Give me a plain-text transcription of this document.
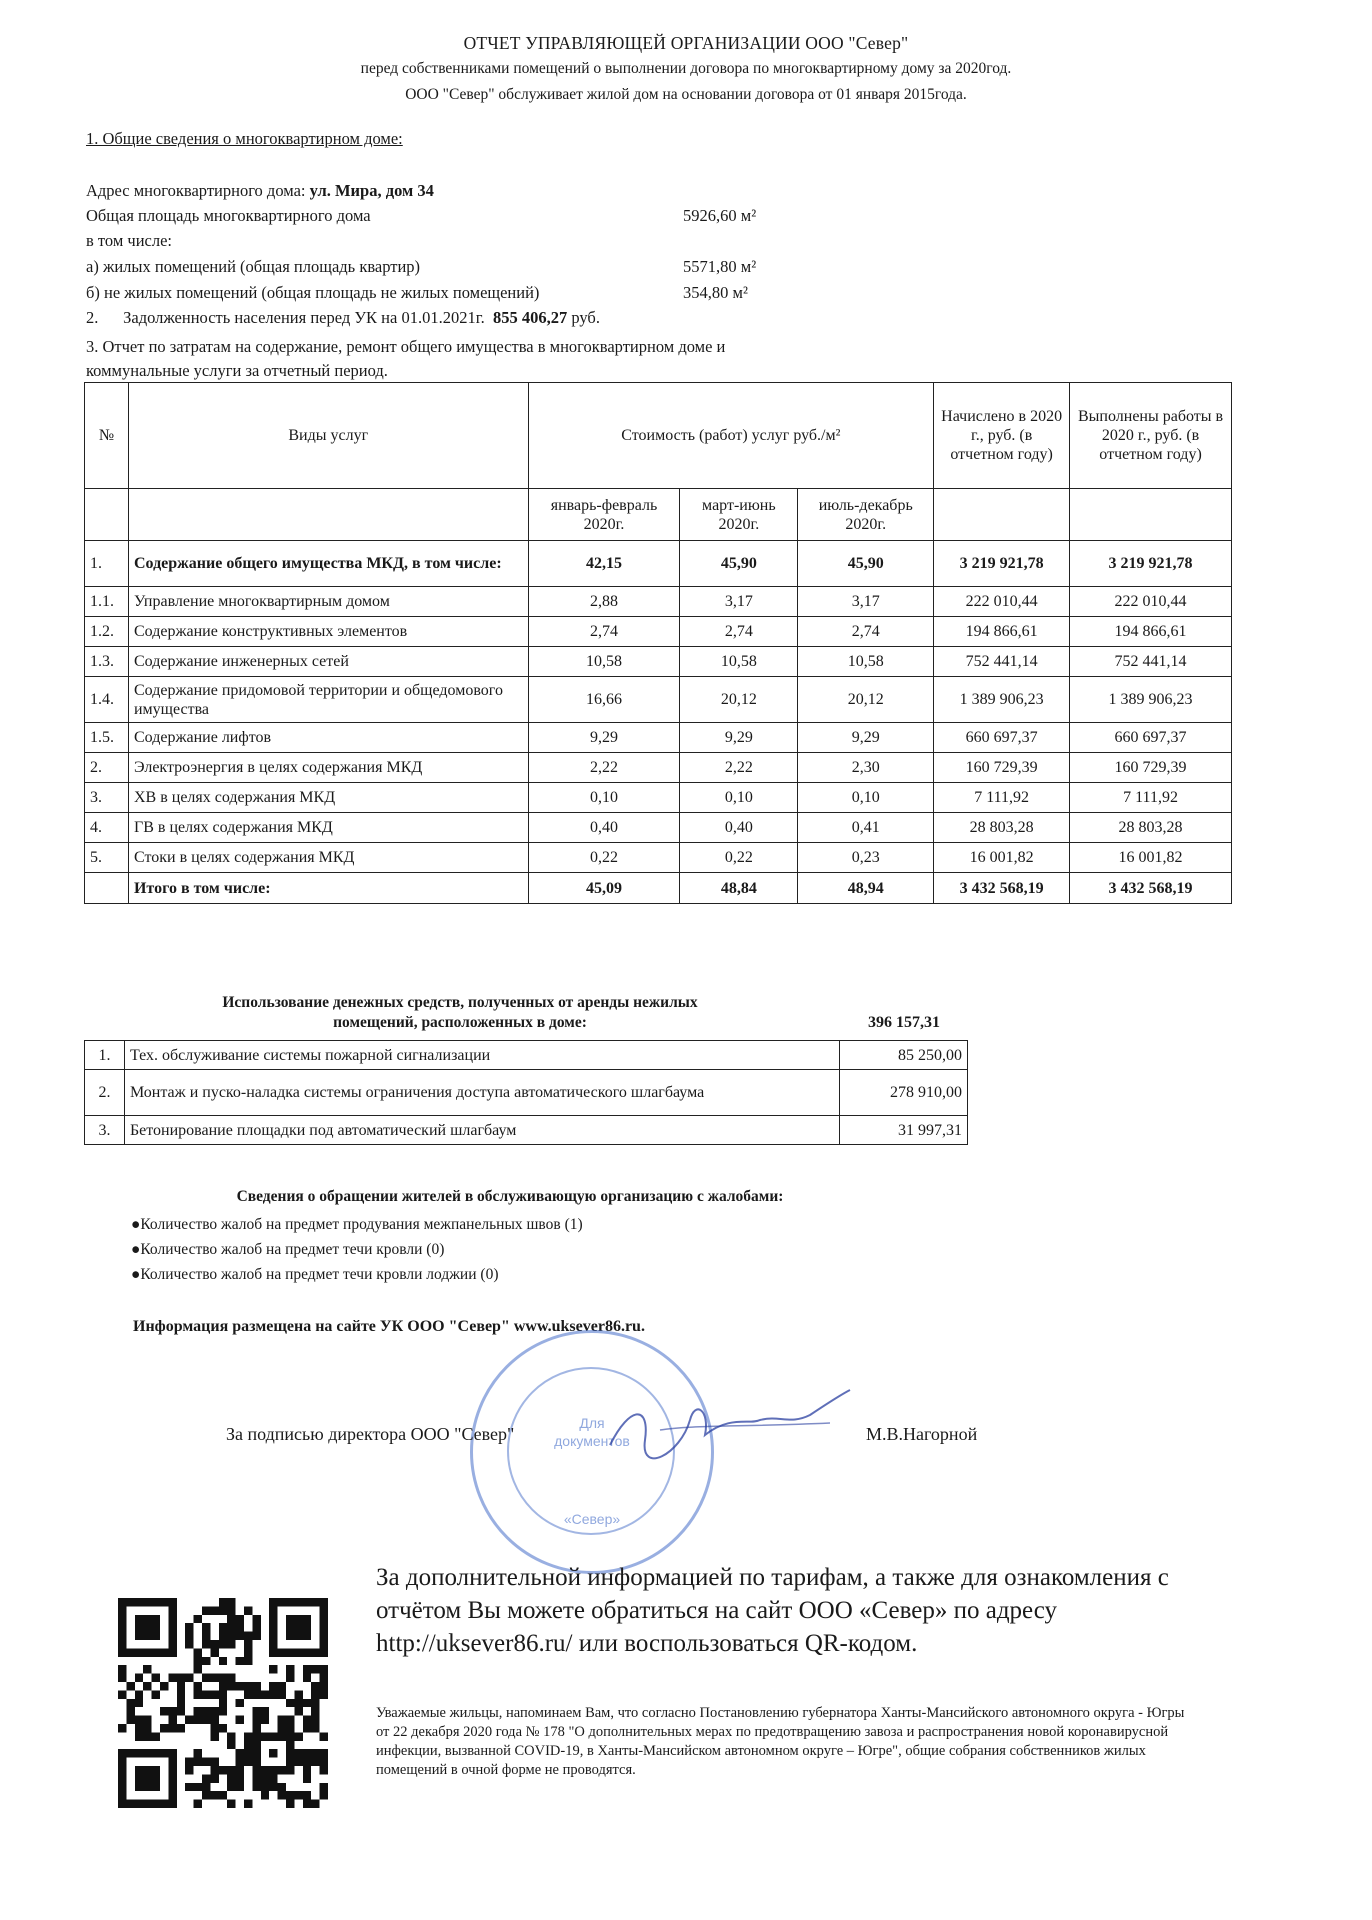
ОТЧЕТ УПРАВЛЯЮЩЕЙ ОРГАНИЗАЦИИ ООО "Север"
перед собственниками помещений о выполнении договора по многоквартирному дому за 2020год.
ООО "Север" обслуживает жилой дом на основании договора от 01 января 2015года.
1. Общие сведения о многоквартирном доме:
Адрес многоквартирного дома: ул. Мира, дом 34
Общая площадь многоквартирного дома	5926,60 м²
в том числе:
а) жилых помещений (общая площадь квартир)	5571,80 м²
б) не жилых помещений (общая площадь не жилых помещений)	354,80 м²
2. Задолженность населения перед УК на 01.01.2021г. 855 406,27 руб.
3. Отчет по затратам на содержание, ремонт общего имущества в многоквартирном доме и
коммунальные услуги за отчетный период.
№	Виды услуг	Стоимость (работ) услуг руб./м²			Начислено в 2020 г., руб. (в отчетном году)	Выполнены работы в 2020 г., руб. (в отчетном году)
		январь-февраль 2020г.	март-июнь 2020г.	июль-декабрь 2020г.		
1.	Содержание общего имущества МКД, в том числе:	42,15	45,90	45,90	3 219 921,78	3 219 921,78
1.1.	Управление многоквартирным домом	2,88	3,17	3,17	222 010,44	222 010,44
1.2.	Содержание конструктивных элементов	2,74	2,74	2,74	194 866,61	194 866,61
1.3.	Содержание инженерных сетей	10,58	10,58	10,58	752 441,14	752 441,14
1.4.	Содержание придомовой территории и общедомового имущества	16,66	20,12	20,12	1 389 906,23	1 389 906,23
1.5.	Содержание лифтов	9,29	9,29	9,29	660 697,37	660 697,37
2.	Электроэнергия в целях содержания МКД	2,22	2,22	2,30	160 729,39	160 729,39
3.	ХВ в целях содержания МКД	0,10	0,10	0,10	7 111,92	7 111,92
4.	ГВ в целях содержания МКД	0,40	0,40	0,41	28 803,28	28 803,28
5.	Стоки в целях содержания МКД	0,22	0,22	0,23	16 001,82	16 001,82
	Итого в том числе:	45,09	48,84	48,94	3 432 568,19	3 432 568,19
Использование денежных средств, полученных от аренды нежилых
помещений, расположенных в доме:	396 157,31
1.	Тех. обслуживание системы пожарной сигнализации	85 250,00
2.	Монтаж и пуско-наладка системы ограничения доступа автоматического шлагбаума	278 910,00
3.	Бетонирование площадки под автоматический шлагбаум	31 997,31
Сведения о обращении жителей в обслуживающую организацию с жалобами:
●Количество жалоб на предмет продувания межпанельных швов (1)
●Количество жалоб на предмет течи кровли (0)
●Количество жалоб на предмет течи кровли лоджии (0)
Информация размещена на сайте УК ООО "Север" www.uksever86.ru.
Для
документов
«Север»
За подписью директора ООО "Север"	М.В.Нагорной
За дополнительной информацией по тарифам, а также для ознакомления с отчётом Вы можете обратиться на сайт ООО «Север» по адресу http://uksever86.ru/ или воспользоваться QR-кодом.
Уважаемые жильцы, напоминаем Вам, что согласно Постановлению губернатора Ханты-Мансийского автономного округа - Югры от 22 декабря 2020 года № 178 "О дополнительных мерах по предотвращению завоза и распространения новой коронавирусной инфекции, вызванной COVID-19, в Ханты-Мансийском автономном округе – Югре", общие собрания собственников жилых помещений в очной форме не проводятся.
